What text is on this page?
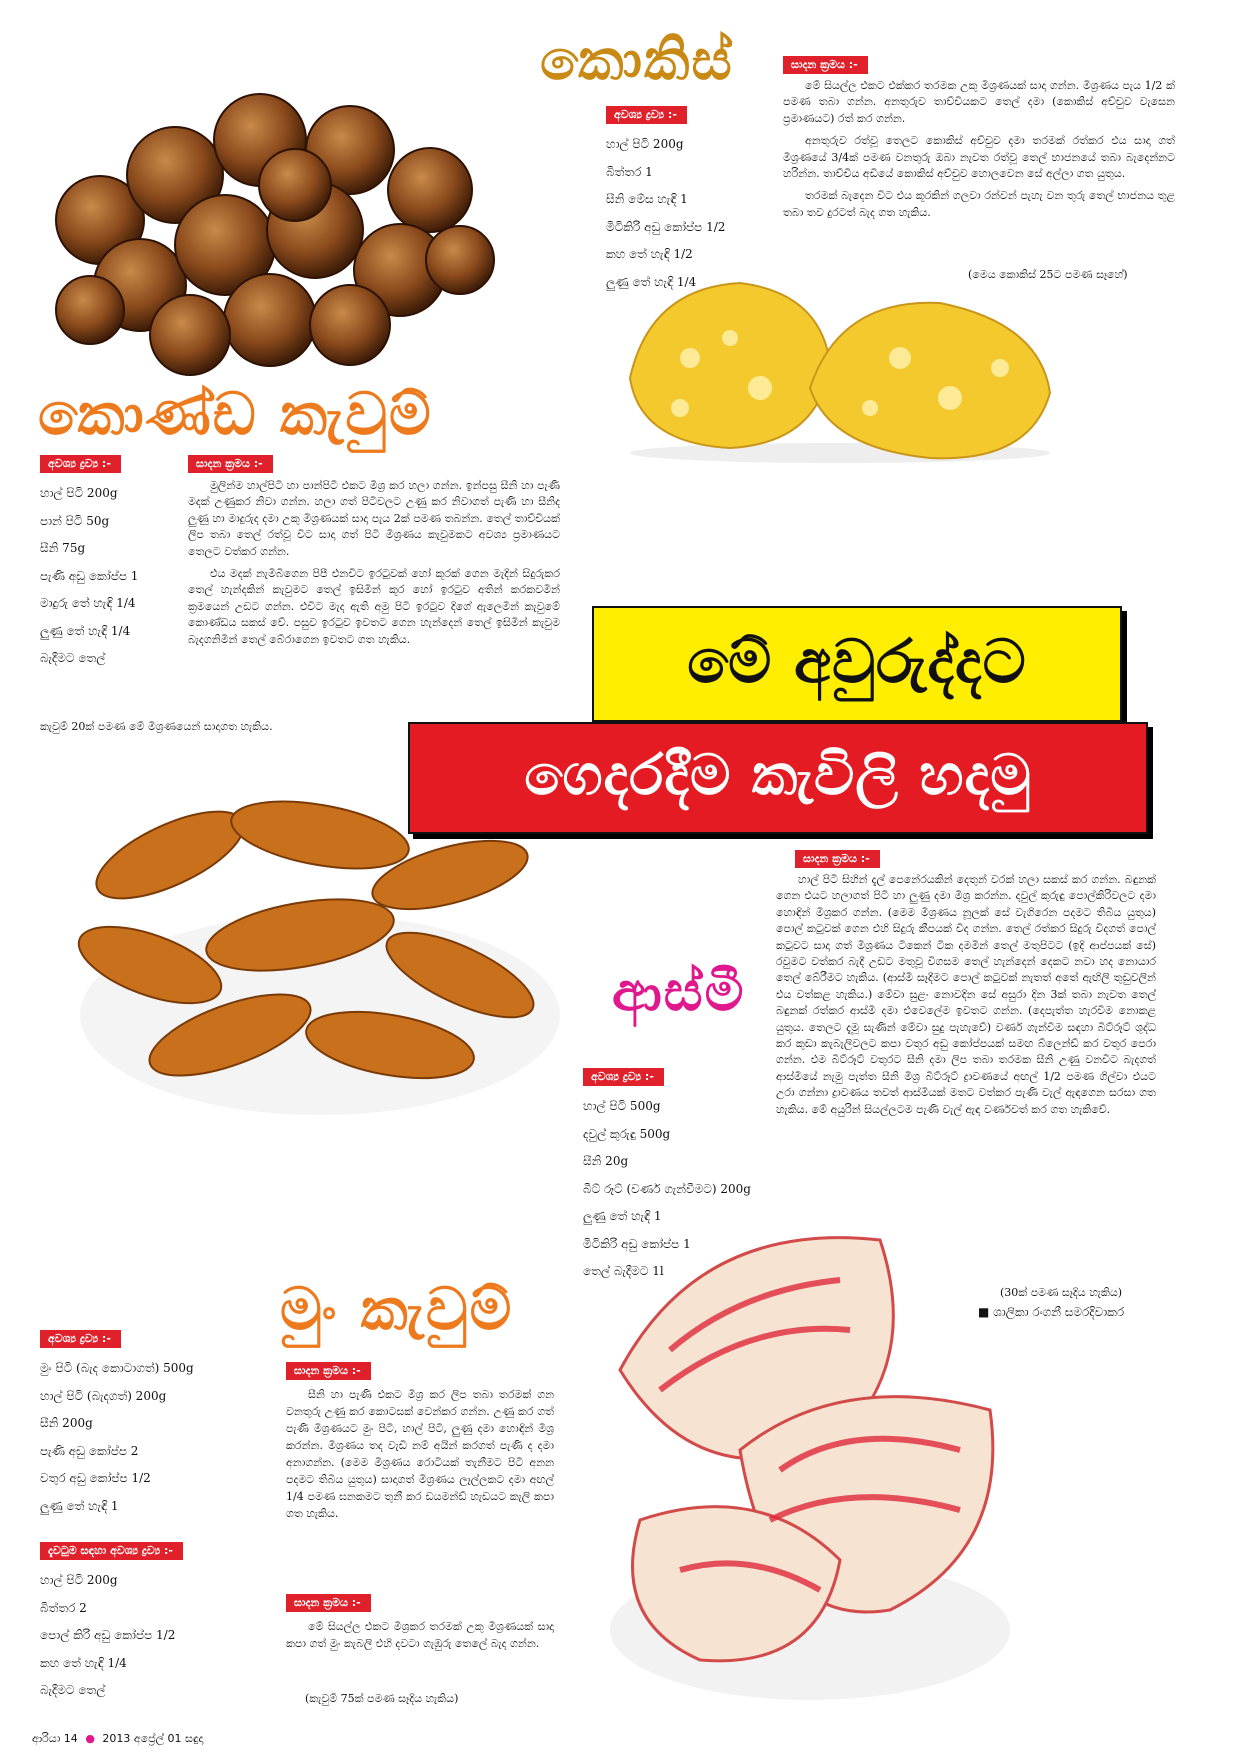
කොකිස්
කොණ්ඩ කැවුම්
ආස්මී
මුං කැවුම්
මේ අවුරුද්දට
ගෙදරදීම කැවිලි හදමු
අවශ්‍ය ද්‍රව්‍ය :-
හාල් පිටි 200g
බිත්තර 1
සීනි මේස හැඳි 1
මිටිකිරි අඩු කෝප්ප 1/2
කහ තේ හැඳි 1/2
ලුණු තේ හැඳි 1/4
සාදන ක්‍රමය :-

මේ සියල්ල එකට එක්කර තරමක උකු මිශ්‍රණයක් සාදා ගන්න. මිශ්‍රණය පැය 1/2 ක් පමණ තබා ගන්න. අනතුරුව තාච්චියකට තෙල් දමා (කොකිස් අච්චුව වැසෙන ප්‍රමාණයට) රත් කර ගන්න.

අනතුරුව රත්වූ තෙලට කොකිස් අච්චුව දමා තරමක් රත්කර එය සාදා ගත් මිශ්‍රණයේ 3/4ක් පමණ වනතුරු ඔබා නැවත රත්වූ තෙල් භාජනයේ තබා බැදෙන්නට හරින්න. තාච්චිය අඩියේ කොකිස් අච්චුව හොලවෙන සේ අල්ලා ගත යුතුය.

තරමක් බැදෙන විට එය කූරකින් ගලවා රන්වන් පැහැ වන තුරු තෙල් භාජනය තුළ තබා තව දුරටත් බැද ගත හැකිය.

(මෙය කොකිස් 25ට පමණ සෑහේ)
අවශ්‍ය ද්‍රව්‍ය :-
හාල් පිටි 200g
පාන් පිටි 50g
සීනි 75g
පැණි අඩු කෝප්ප 1
මාදුරු තේ හැඳි 1/4
ලුණු තේ හැඳි 1/4
බැදීමට තෙල්
සාදන ක්‍රමය :-

මුලින්ම හාල්පිටි හා පාන්පිටි එකට මිශ්‍ර කර හලා ගන්න. ඉන්පසු සීනි හා පැණි මදක් උණුකර නිවා ගන්න. හලා ගත් පිටිවලට උණු කර නිවාගත් පැණි හා සීනිද ලුණු හා මාදුරුද දමා උකු මිශ්‍රණයක් සාදා පැය 2ක් පමණ තබන්න. තෙල් තාච්චියක් ලිප තබා තෙල් රත්වූ විට සාදා ගත් පිටි මිශ්‍රණය කැවුමකට අවශ්‍ය ප්‍රමාණයට තෙලට වත්කර ගන්න.

එය මදක් නැමිබිගෙන පිපී එනවිට ඉරටුවක් හෝ කූරක් ගෙන මැදින් සිදුරුකර තෙල් හැන්දකින් කැවුමට තෙල් ඉසිමින් කූර හෝ ඉරටුව අතින් කරකවමින් ක්‍රමයෙන් උඩට ගන්න. එවිට මැද ඇති අමු පිටි ඉරටුව දිගේ ඇලෙමින් කැවුමේ කොණ්ඩය සකස් වේ. පසුව ඉරටුව ඉවතට ගෙන හැන්දෙන් තෙල් ඉසිමින් කැවුම බැදගනිමින් තෙල් බේරාගෙන ඉවතට ගත හැකිය.

කැවුම් 20ක් පමණ මේ මිශ්‍රණයෙන් සාදාගත හැකිය.
සාදන ක්‍රමය :-

හාල් පිටි සිහින් දැල් පෙනේරයකින් දෙතුන් වරක් හලා සකස් කර ගන්න. බඳුනක් ගෙන එයට හලාගත් පිටි හා ලුණු දමා මිශ්‍ර කරන්න. දවුල් කුරුඳු පොල්කිරිවලට දමා හොඳින් මිශ්‍රකර ගන්න. (මෙම මිශ්‍රණය නූලක් සේ වැගිරෙන පදමට තිබිය යුතුය) පොල් කටුවක් ගෙන එහි සිදුරු කීපයක් විද ගන්න. තෙල් රත්කර සිදුරු විදගත් පොල් කටුවට සාදා ගත් මිශ්‍රණය ටිකෙන් ටික දමමින් තෙල් මතුපිටට (ඉදි ආප්පයක් සේ) රවුමට වත්කර බැදී උඩට මතුවූ විගසම තෙල් හැන්දෙන් දෙකට නවා හද නොයාර තෙල් බේරීමට හැකිය. (ආස්මී සෑදීමට පොල් කටුවක් නැතත් අතේ ඇඟිලි තුඩුවලින් එය වත්කළ හැකිය.) මේවා සුළං නොවදින සේ අසුරා දින 3ක් තබා නැවත තෙල් බඳුනක් රත්කර ආස්මී දමා එවෙලේම ඉවතට ගන්න. (දෙපැත්ත හැරවීම නොකළ යුතුය. තෙලට දැමූ සැණින් මේවා සුදු පැහැවේ) වර්ණ ගැන්වීම සඳහා බීට්රූට් ශුද්ධ කර කුඩා කැබැලිවලට කපා වතුර අඩු කෝප්පයක් සමඟ බ්ලෙන්ඩ් කර වතුර පෙරා ගන්න. එම බීට්රූට් වතුරට සීනි දමා ලිප තබා තරමක සීනි උණු වනවිට බැදගත් ආස්මීයේ නැමු පැත්ත සීනි මිශ්‍ර බීට්රූට් ද්‍රාවණයේ අඟල් 1/2 පමණ ගිල්වා එයට උරා ගන්නා ද්‍රාවණය තවත් ආස්මියක් මතට වත්කර පැණි වැල් ඇඳගෙන සරසා ගත හැකිය. මේ අයුරින් සියල්ලටම පැණි වැල් ඇඳ වර්ණවත් කර ගත හැකිවේ.

අවශ්‍ය ද්‍රව්‍ය :-
හාල් පිටි 500g
දවුල් කුරුඳු 500g
සීනි 20g
බීට් රූට් (වර්ණ ගැන්වීමට) 200g
ලුණු තේ හැඳි 1
මිටිකිරි අඩු කෝප්ප 1
තෙල් බැදීමට 1l
(30ක් පමණ සෑදිය හැකිය)
■ ශාලිකා රංගනී සමරදිවාකර
අවශ්‍ය ද්‍රව්‍ය :-
මුං පිටි (බැද කොටාගත්) 500g
හාල් පිටි (බැදගත්) 200g
සීනි 200g
පැණි අඩු කෝප්ප 2
වතුර අඩු කෝප්ප 1/2
ලුණු තේ හැඳි 1
දැවටුම සඳහා අවශ්‍ය ද්‍රව්‍ය :-
හාල් පිටි 200g
බිත්තර 2
පොල් කිරි අඩු කෝප්ප 1/2
කහ තේ හැඳි 1/4
බැදීමට තෙල්
සාදන ක්‍රමය :-

සීනි හා පැණි එකට මිශ්‍ර කර ලිප තබා තරමක් ගන වනතුරු උණු කර කොටසක් වෙන්කර ගන්න. උණු කර ගත් පැණි මිශ්‍රණයට මුං පිටි, හාල් පිටි, ලුණු දමා හොඳින් මිශ්‍ර කරන්න. මිශ්‍රණය තද වැඩි නම් අයින් කරගත් පැණි ද දමා අනාගන්න. (මෙම මිශ්‍රණය රොටියක් තැනීමට පිටි අනන පදමට තිබිය යුතුය) සාදාගත් මිශ්‍රණය ලෑල්ලකට දමා අඟල් 1/4 පමණ ඝනකමට තුනී කර ඩයමන්ඩ් හැඩයට කැලි කපා ගත හැකිය.

සාදන ක්‍රමය :-

මේ සියල්ල එකට මිශ්‍රකර තරමක් උකු මිශ්‍රණයක් සාදා කපා ගත් මුං කැබලි එහි දවටා ගැඹුරු තෙලේ බැද ගන්න.

(කැවුම් 75ක් පමණ සෑදිය හැකිය)
ආරියා 14 ● 2013 අප්‍රේල් 01 සඳුදා
